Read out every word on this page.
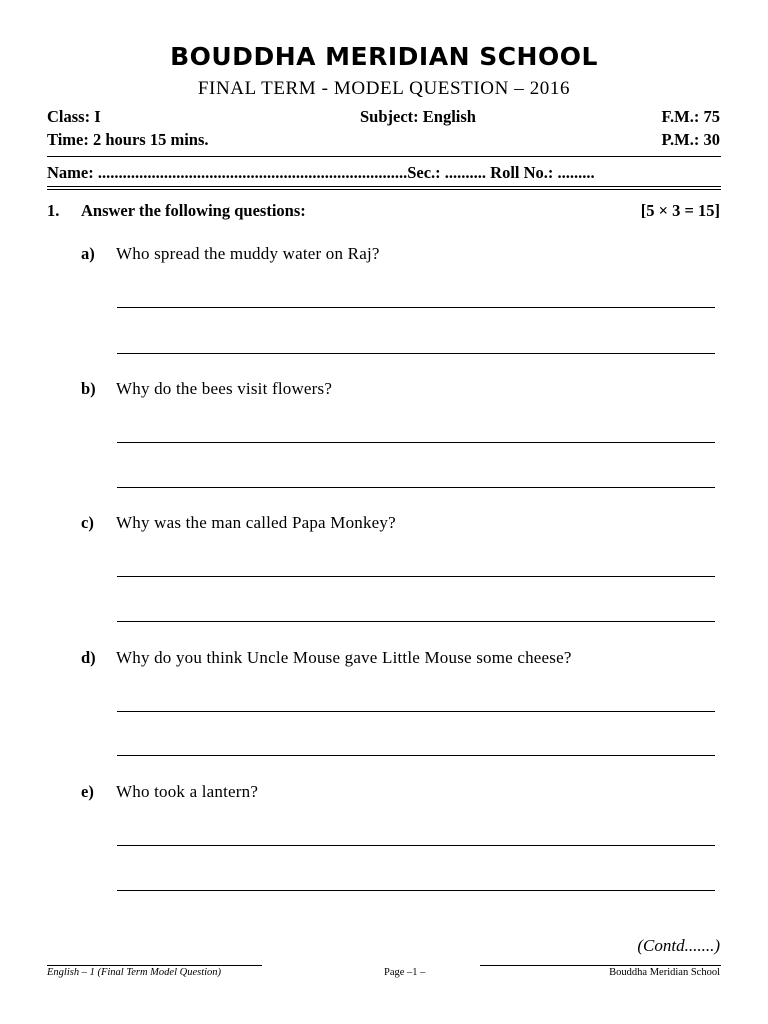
BOUDDHA MERIDIAN SCHOOL
FINAL TERM - MODEL QUESTION – 2016
Class: I	Subject: English	F.M.: 75
Time: 2 hours 15 mins.	P.M.: 30
Name: ...........................................................................Sec.: .......... Roll No.: .........
1. Answer the following questions:	[5 × 3 = 15]
a) Who spread the muddy water on Raj?
b) Why do the bees visit flowers?
c) Why was the man called Papa Monkey?
d) Why do you think Uncle Mouse gave Little Mouse some cheese?
e) Who took a lantern?
(Contd.......)
English – 1 (Final Term Model Question)	Page –1 –	Bouddha Meridian School
